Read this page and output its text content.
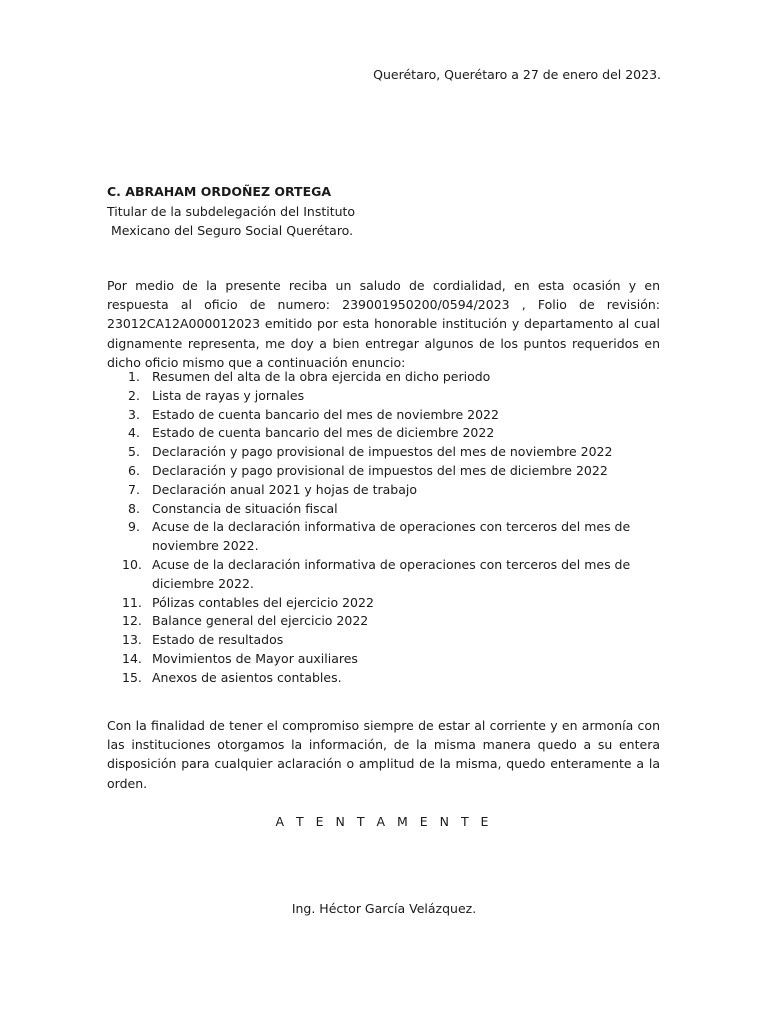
Querétaro, Querétaro a 27 de enero del 2023.
C. ABRAHAM ORDOÑEZ ORTEGA
Titular de la subdelegación del Instituto
Mexicano del Seguro Social Querétaro.

Por medio de la presente reciba un saludo de cordialidad, en esta ocasión y en respuesta al oficio de numero: 239001950200/0594/2023 , Folio de revisión: 23012CA12A000012023 emitido por esta honorable institución y departamento al cual dignamente representa, me doy a bien entregar algunos de los puntos requeridos en dicho oficio mismo que a continuación enuncio:

1. Resumen del alta de la obra ejercida en dicho periodo
2. Lista de rayas y jornales
3. Estado de cuenta bancario del mes de noviembre 2022
4. Estado de cuenta bancario del mes de diciembre 2022
5. Declaración y pago provisional de impuestos del mes de noviembre 2022
6. Declaración y pago provisional de impuestos del mes de diciembre 2022
7. Declaración anual 2021 y hojas de trabajo
8. Constancia de situación fiscal
9. Acuse de la declaración informativa de operaciones con terceros del mes de noviembre 2022.
10. Acuse de la declaración informativa de operaciones con terceros del mes de diciembre 2022.
11. Pólizas contables del ejercicio 2022
12. Balance general del ejercicio 2022
13. Estado de resultados
14. Movimientos de Mayor auxiliares
15. Anexos de asientos contables.

Con la finalidad de tener el compromiso siempre de estar al corriente y en armonía con las instituciones otorgamos la información, de la misma manera quedo a su entera disposición para cualquier aclaración o amplitud de la misma, quedo enteramente a la orden.

A T E N T A M E N T E
Ing. Héctor García Velázquez.
